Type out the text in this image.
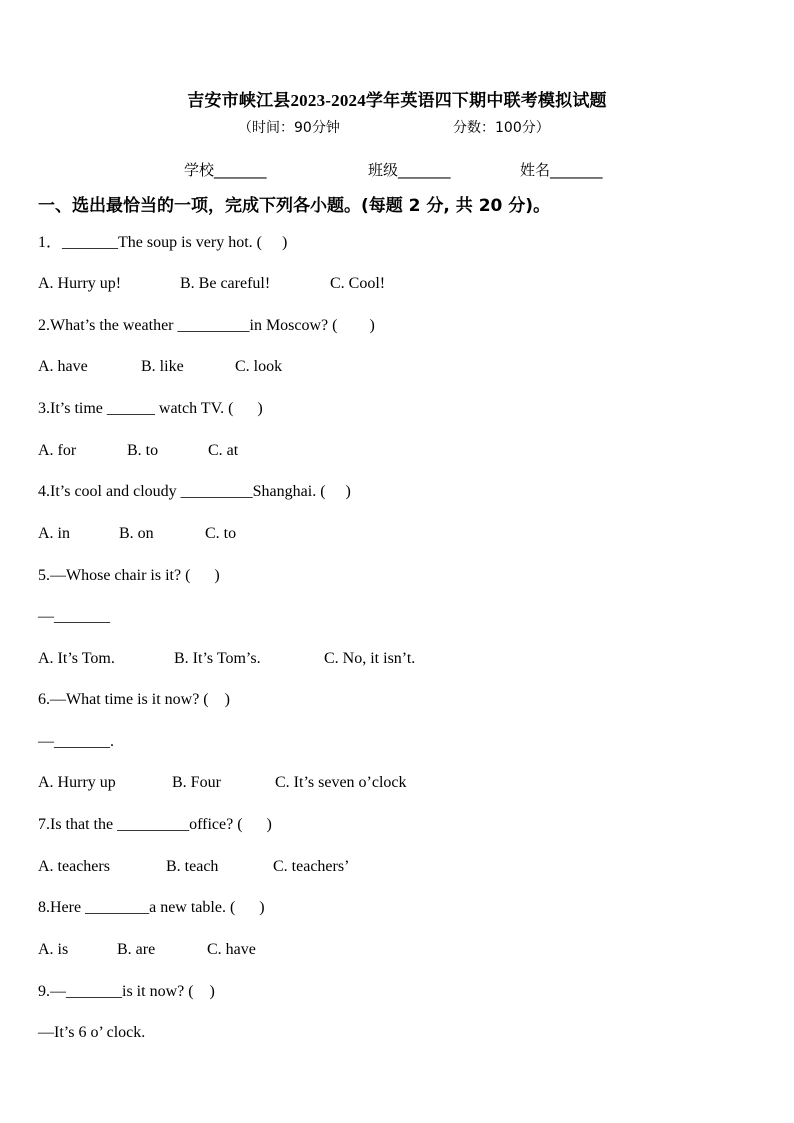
吉安市峡江县2023-2024学年英语四下期中联考模拟试题
（时间：90分钟	分数：100分）
学校_______	班级_______	姓名_______
一、选出最恰当的一项，完成下列各小题。(每题 2 分, 共 20 分)。
1．_______The soup is very hot. (     )
A. Hurry up!	B. Be careful!	C. Cool!
2.What’s the weather _________in Moscow? (        )
A. have	B. like	C. look
3.It’s time ______ watch TV. (      )
A. for	B. to	C. at
4.It’s cool and cloudy _________Shanghai. (     )
A. in	B. on	C. to
5.—Whose chair is it? (      )
—_______
A. It’s Tom.	B. It’s Tom’s.	C. No, it isn’t.
6.—What time is it now? (    )
—_______.
A. Hurry up	B. Four	C. It’s seven o’clock
7.Is that the _________office? (      )
A. teachers	B. teach	C. teachers’
8.Here ________a new table. (      )
A. is	B. are	C. have
9.—_______is it now? (    )
—It’s 6 o’ clock.
